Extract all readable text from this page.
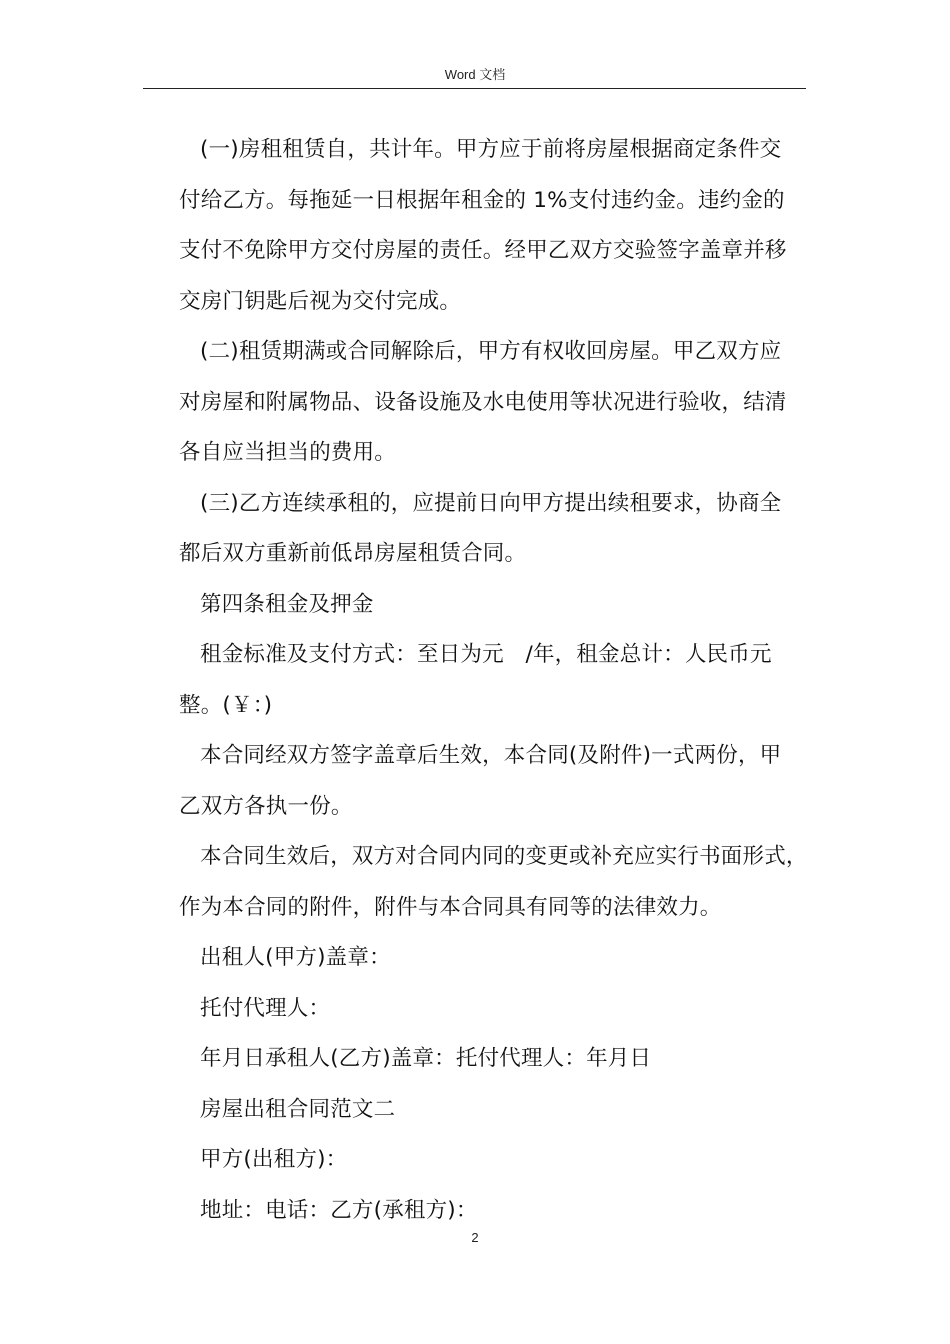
Word 文档

(一)房租租赁自，共计年。甲方应于前将房屋根据商定条件交
付给乙方。每拖延一日根据年租金的 1%支付违约金。违约金的
支付不免除甲方交付房屋的责任。经甲乙双方交验签字盖章并移
交房门钥匙后视为交付完成。

(二)租赁期满或合同解除后，甲方有权收回房屋。甲乙双方应
对房屋和附属物品、设备设施及水电使用等状况进行验收，结清
各自应当担当的费用。

(三)乙方连续承租的，应提前日向甲方提出续租要求，协商全
都后双方重新前低昂房屋租赁合同。

第四条租金及押金

租金标准及支付方式：至日为元　/年，租金总计：人民币元
整。(￥：)

本合同经双方签字盖章后生效，本合同(及附件)一式两份，甲
乙双方各执一份。

本合同生效后，双方对合同内同的变更或补充应实行书面形式，
作为本合同的附件，附件与本合同具有同等的法律效力。

出租人(甲方)盖章：

托付代理人：

年月日承租人(乙方)盖章：托付代理人：年月日

房屋出租合同范文二

甲方(出租方)：

地址：电话：乙方(承租方)：

2
